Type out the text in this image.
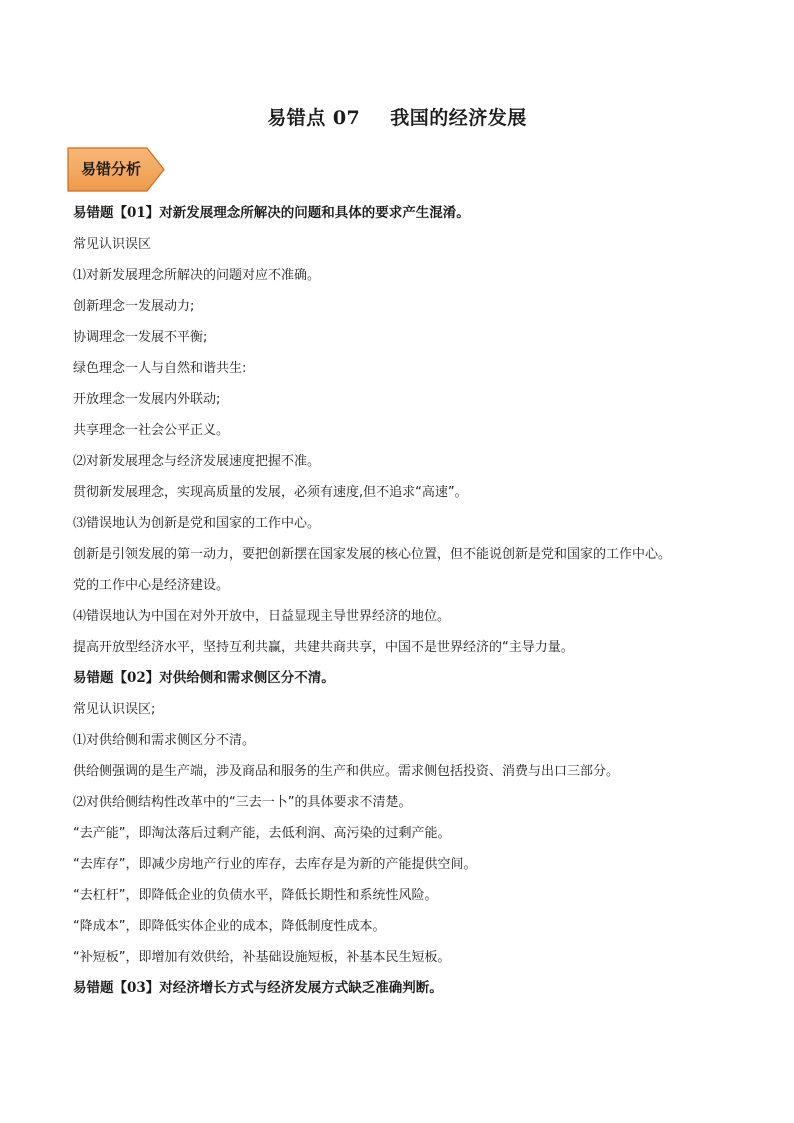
易错点 07 我国的经济发展
易错分析
易错题【01】对新发展理念所解决的问题和具体的要求产生混淆。
常见认识误区
⑴对新发展理念所解决的问题对应不准确。
创新理念一发展动力;
协调理念一发展不平衡;
绿色理念一人与自然和谐共生:
开放理念一发展内外联动;
共享理念一社会公平正义。
⑵对新发展理念与经济发展速度把握不准。
贯彻新发展理念，实现高质量的发展，必须有速度,但不追求“高速”。
⑶错误地认为创新是党和国家的工作中心。
创新是引领发展的第一动力，要把创新摆在国家发展的核心位置，但不能说创新是党和国家的工作中心。
党的工作中心是经济建设。
⑷错误地认为中国在对外开放中，日益显现主导世界经济的地位。
提高开放型经济水平，坚持互利共赢，共建共商共享，中国不是世界经济的“主导力量。
易错题【02】对供给侧和需求侧区分不清。
常见认识误区;
⑴对供给侧和需求侧区分不清。
供给侧强调的是生产端，涉及商品和服务的生产和供应。需求侧包括投资、消费与出口三部分。
⑵对供给侧结构性改革中的“三去一卜”的具体要求不清楚。
“去产能”，即淘汰落后过剩产能，去低利润、高污染的过剩产能。
“去库存”，即减少房地产行业的库存，去库存是为新的产能提供空间。
“去杠杆”，即降低企业的负债水平，降低长期性和系统性风险。
“降成本”，即降低实体企业的成本，降低制度性成本。
“补短板”，即增加有效供给，补基础设施短板，补基本民生短板。
易错题【03】对经济增长方式与经济发展方式缺乏准确判断。
